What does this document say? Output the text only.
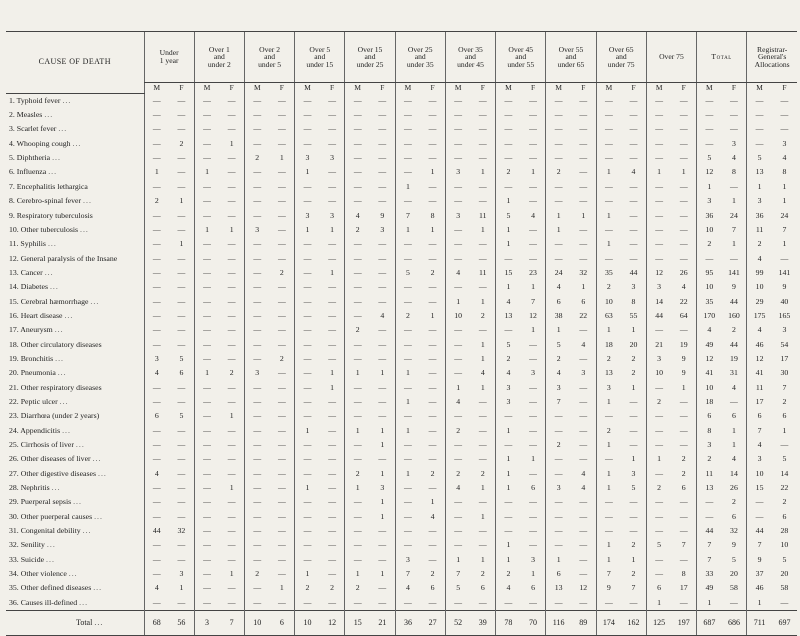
CAUSE OF DEATH	Under
1 year		Over 1
and
under 2		Over 2
and
under 5		Over 5
and
under 15		Over 15
and
under 25		Over 25
and
under 35		Over 35
and
under 45		Over 45
and
under 55		Over 55
and
under 65		Over 65
and
under 75		Over 75		Total		Registrar-
General's
Allocations	
	M	F	M	F	M	F	M	F	M	F	M	F	M	F	M	F	M	F	M	F	M	F	M	F	M	F
1. Typhoid fever ...	—	—	—	—	—	—	—	—	—	—	—	—	—	—	—	—	—	—	—	—	—	—	—	—	—	—
2. Measles ...	—	—	—	—	—	—	—	—	—	—	—	—	—	—	—	—	—	—	—	—	—	—	—	—	—	—
3. Scarlet fever ...	—	—	—	—	—	—	—	—	—	—	—	—	—	—	—	—	—	—	—	—	—	—	—	—	—	—
4. Whooping cough ...	—	2	—	1	—	—	—	—	—	—	—	—	—	—	—	—	—	—	—	—	—	—	—	3	—	3
5. Diphtheria ...	—	—	—	—	2	1	3	3	—	—	—	—	—	—	—	—	—	—	—	—	—	—	5	4	5	4
6. Influenza ...	1	—	1	—	—	—	1	—	—	—	—	1	3	1	2	1	2	—	1	4	1	1	12	8	13	8
7. Encephalitis lethargica	—	—	—	—	—	—	—	—	—	—	1	—	—	—	—	—	—	—	—	—	—	—	1	—	1	1
8. Cerebro-spinal fever ...	2	1	—	—	—	—	—	—	—	—	—	—	—	—	1	—	—	—	—	—	—	—	3	1	3	1
9. Respiratory tuberculosis	—	—	—	—	—	—	3	3	4	9	7	8	3	11	5	4	1	1	1	—	—	—	36	24	36	24
10. Other tuberculosis ...	—	—	1	1	3	—	1	1	2	3	1	1	—	1	1	—	1	—	—	—	—	—	10	7	11	7
11. Syphilis ...	—	1	—	—	—	—	—	—	—	—	—	—	—	—	1	—	—	—	1	—	—	—	2	1	2	1
12. General paralysis of the Insane	—	—	—	—	—	—	—	—	—	—	—	—	—	—	—	—	—	—	—	—	—	—	—	—	4	—
13. Cancer ...	—	—	—	—	—	2	—	1	—	—	5	2	4	11	15	23	24	32	35	44	12	26	95	141	99	141
14. Diabetes ...	—	—	—	—	—	—	—	—	—	—	—	—	—	—	1	1	4	1	2	3	3	4	10	9	10	9
15. Cerebral hæmorrhage ...	—	—	—	—	—	—	—	—	—	—	—	—	1	1	4	7	6	6	10	8	14	22	35	44	29	40
16. Heart disease ...	—	—	—	—	—	—	—	—	—	4	2	1	10	2	13	12	38	22	63	55	44	64	170	160	175	165
17. Aneurysm ...	—	—	—	—	—	—	—	—	2	—	—	—	—	—	—	1	1	—	1	1	—	—	4	2	4	3
18. Other circulatory diseases	—	—	—	—	—	—	—	—	—	—	—	—	—	1	5	—	5	4	18	20	21	19	49	44	46	54
19. Bronchitis ...	3	5	—	—	—	2	—	—	—	—	—	—	—	1	2	—	2	—	2	2	3	9	12	19	12	17
20. Pneumonia ...	4	6	1	2	3	—	—	1	1	1	1	—	—	4	4	3	4	3	13	2	10	9	41	31	41	30
21. Other respiratory diseases	—	—	—	—	—	—	—	1	—	—	—	—	1	1	3	—	3	—	3	1	—	1	10	4	11	7
22. Peptic ulcer ...	—	—	—	—	—	—	—	—	—	—	1	—	4	—	3	—	7	—	1	—	2	—	18	—	17	2
23. Diarrhœa (under 2 years)	6	5	—	1	—	—	—	—	—	—	—	—	—	—	—	—	—	—	—	—	—	—	6	6	6	6
24. Appendicitis ...	—	—	—	—	—	—	1	—	1	1	1	—	2	—	1	—	—	—	2	—	—	—	8	1	7	1
25. Cirrhosis of liver ...	—	—	—	—	—	—	—	—	—	1	—	—	—	—	—	—	2	—	1	—	—	—	3	1	4	—
26. Other diseases of liver ...	—	—	—	—	—	—	—	—	—	—	—	—	—	—	1	1	—	—	—	1	1	2	2	4	3	5
27. Other digestive diseases ...	4	—	—	—	—	—	—	—	2	1	1	2	2	2	1	—	—	4	1	3	—	2	11	14	10	14
28. Nephritis ...	—	—	—	1	—	—	1	—	1	3	—	—	4	1	1	6	3	4	1	5	2	6	13	26	15	22
29. Puerperal sepsis ...	—	—	—	—	—	—	—	—	—	1	—	1	—	—	—	—	—	—	—	—	—	—	—	2	—	2
30. Other puerperal causes ...	—	—	—	—	—	—	—	—	—	1	—	4	—	1	—	—	—	—	—	—	—	—	—	6	—	6
31. Congenital debility ...	44	32	—	—	—	—	—	—	—	—	—	—	—	—	—	—	—	—	—	—	—	—	44	32	44	28
32. Senility ...	—	—	—	—	—	—	—	—	—	—	—	—	—	—	1	—	—	—	1	2	5	7	7	9	7	10
33. Suicide ...	—	—	—	—	—	—	—	—	—	—	3	—	1	1	1	3	1	—	1	1	—	—	7	5	9	5
34. Other violence ...	—	3	—	1	2	—	1	—	1	1	7	2	7	2	2	1	6	—	7	2	—	8	33	20	37	20
35. Other defined diseases ...	4	1	—	—	—	1	2	2	2	—	4	6	5	6	4	6	13	12	9	7	6	17	49	58	46	58
36. Causes ill-defined ...	—	—	—	—	—	—	—	—	—	—	—	—	—	—	—	—	—	—	—	—	1	—	1	—	1	—
Total ...	68	56	3	7	10	6	10	12	15	21	36	27	52	39	78	70	116	89	174	162	125	197	687	686	711	697
